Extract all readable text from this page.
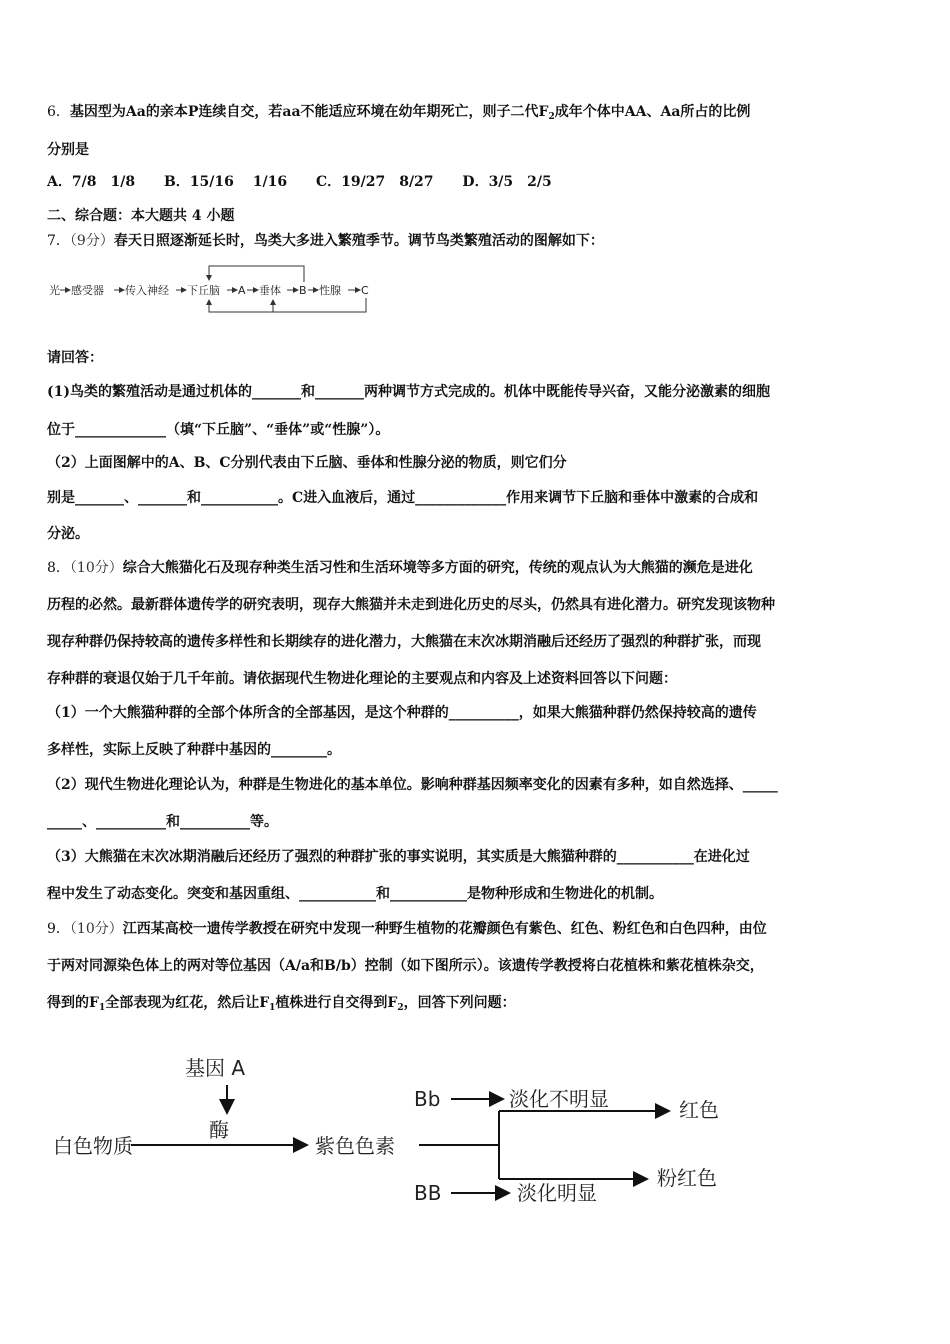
6．基因型为Aa的亲本P连续自交，若aa不能适应环境在幼年期死亡，则子二代$F_2$成年个体中AA、Aa所占的比例
分别是
A．7/8　1/8 B．15/16　 1/16 C．19/27　8/27 D．3/5　2/5
二、综合题：本大题共 4 小题
7．（9分）春天日照逐渐延长时，鸟类大多进入繁殖季节。调节鸟类繁殖活动的图解如下：
光 感受器 传入神经 下丘脑 A 垂体 B 性腺 C
请回答：
(1)鸟类的繁殖活动是通过机体的_______和_______两种调节方式完成的。机体中既能传导兴奋，又能分泌激素的细胞
位于_____________（填“下丘脑”、“垂体”或“性腺”）。
（2）上面图解中的A、B、C分别代表由下丘脑、垂体和性腺分泌的物质，则它们分
别是_______、_______和___________。C进入血液后，通过_____________作用来调节下丘脑和垂体中激素的合成和
分泌。
8．（10分）综合大熊猫化石及现存种类生活习性和生活环境等多方面的研究，传统的观点认为大熊猫的濒危是进化
历程的必然。最新群体遗传学的研究表明，现存大熊猫并未走到进化历史的尽头，仍然具有进化潜力。研究发现该物种
现存种群仍保持较高的遗传多样性和长期续存的进化潜力，大熊猫在末次冰期消融后还经历了强烈的种群扩张，而现
存种群的衰退仅始于几千年前。请依据现代生物进化理论的主要观点和内容及上述资料回答以下问题：
（1）一个大熊猫种群的全部个体所含的全部基因，是这个种群的__________，如果大熊猫种群仍然保持较高的遗传
多样性，实际上反映了种群中基因的________。
（2）现代生物进化理论认为，种群是生物进化的基本单位。影响种群基因频率变化的因素有多种，如自然选择、_____
_____、__________和__________等。
（3）大熊猫在末次冰期消融后还经历了强烈的种群扩张的事实说明，其实质是大熊猫种群的___________在进化过
程中发生了动态变化。突变和基因重组、___________和___________是物种形成和生物进化的机制。
9．（10分）江西某高校一遗传学教授在研究中发现一种野生植物的花瓣颜色有紫色、红色、粉红色和白色四种，由位
于两对同源染色体上的两对等位基因（A/a和B/b）控制（如下图所示）。该遗传学教授将白花植株和紫花植株杂交，
得到的$F_1$全部表现为红花，然后让$F_1$植株进行自交得到$F_2$，回答下列问题：
基因 A
酶
白色物质	紫色色素
Bb	淡化不明显	红色
BB	淡化明显
粉红色
